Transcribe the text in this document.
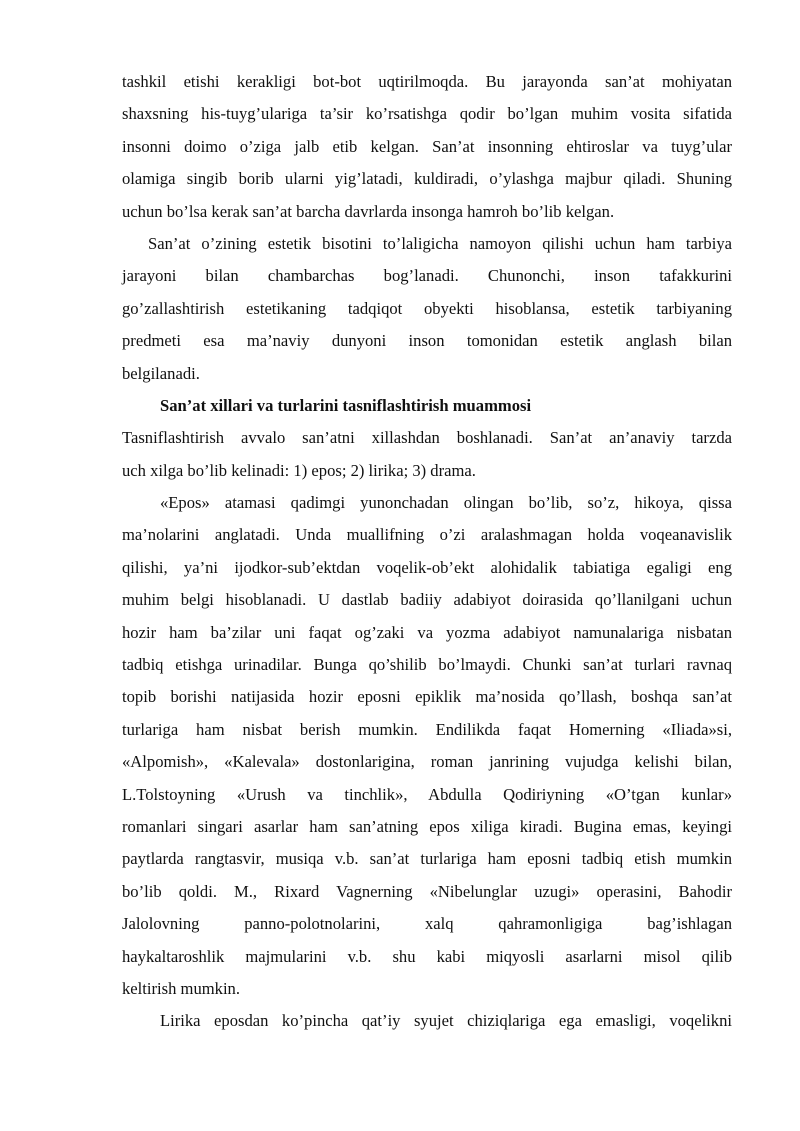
tashkil etishi kerakligi bot-bot uqtirilmoqda. Bu jarayonda san’at mohiyatan
shaxsning his-tuyg’ulariga ta’sir ko’rsatishga qodir bo’lgan muhim vosita sifatida
insonni doimo o’ziga jalb etib kelgan. San’at insonning ehtiroslar va tuyg’ular
olamiga singib borib ularni yig’latadi, kuldiradi, o’ylashga majbur qiladi. Shuning
uchun bo’lsa kerak san’at barcha davrlarda insonga hamroh bo’lib kelgan.
San’at o’zining estetik bisotini to’laligicha namoyon qilishi uchun ham tarbiya
jarayoni bilan chambarchas bog’lanadi. Chunonchi, inson tafakkurini
go’zallashtirish estetikaning tadqiqot obyekti hisoblansa, estetik tarbiyaning
predmeti esa ma’naviy dunyoni inson tomonidan estetik anglash bilan
belgilanadi.
San’at xillari va turlarini tasniflashtirish muammosi
Tasniflashtirish avvalo san’atni xillashdan boshlanadi. San’at an’anaviy tarzda
uch xilga bo’lib kelinadi: 1) epos; 2) lirika; 3) drama.
«Epos» atamasi qadimgi yunonchadan olingan bo’lib, so’z, hikoya, qissa
ma’nolarini anglatadi. Unda muallifning o’zi aralashmagan holda voqeanavislik
qilishi, ya’ni ijodkor-sub’ektdan voqelik-ob’ekt alohidalik tabiatiga egaligi eng
muhim belgi hisoblanadi. U dastlab badiiy adabiyot doirasida qo’llanilgani uchun
hozir ham ba’zilar uni faqat og’zaki va yozma adabiyot namunalariga nisbatan
tadbiq etishga urinadilar. Bunga qo’shilib bo’lmaydi. Chunki san’at turlari ravnaq
topib borishi natijasida hozir eposni epiklik ma’nosida qo’llash, boshqa san’at
turlariga ham nisbat berish mumkin. Endilikda faqat Homerning «Iliada»si,
«Alpomish», «Kalevala» dostonlarigina, roman janrining vujudga kelishi bilan,
L.Tolstoyning «Urush va tinchlik», Abdulla Qodiriyning «O’tgan kunlar»
romanlari singari asarlar ham san’atning epos xiliga kiradi. Bugina emas, keyingi
paytlarda rangtasvir, musiqa v.b. san’at turlariga ham eposni tadbiq etish mumkin
bo’lib qoldi. M., Rixard Vagnerning «Nibelunglar uzugi» operasini, Bahodir
Jalolovning panno-polotnolarini, xalq qahramonligiga bag’ishlagan
haykaltaroshlik majmularini v.b. shu kabi miqyosli asarlarni misol qilib
keltirish mumkin.
Lirika eposdan ko’pincha qat’iy syujet chiziqlariga ega emasligi, voqelikni
